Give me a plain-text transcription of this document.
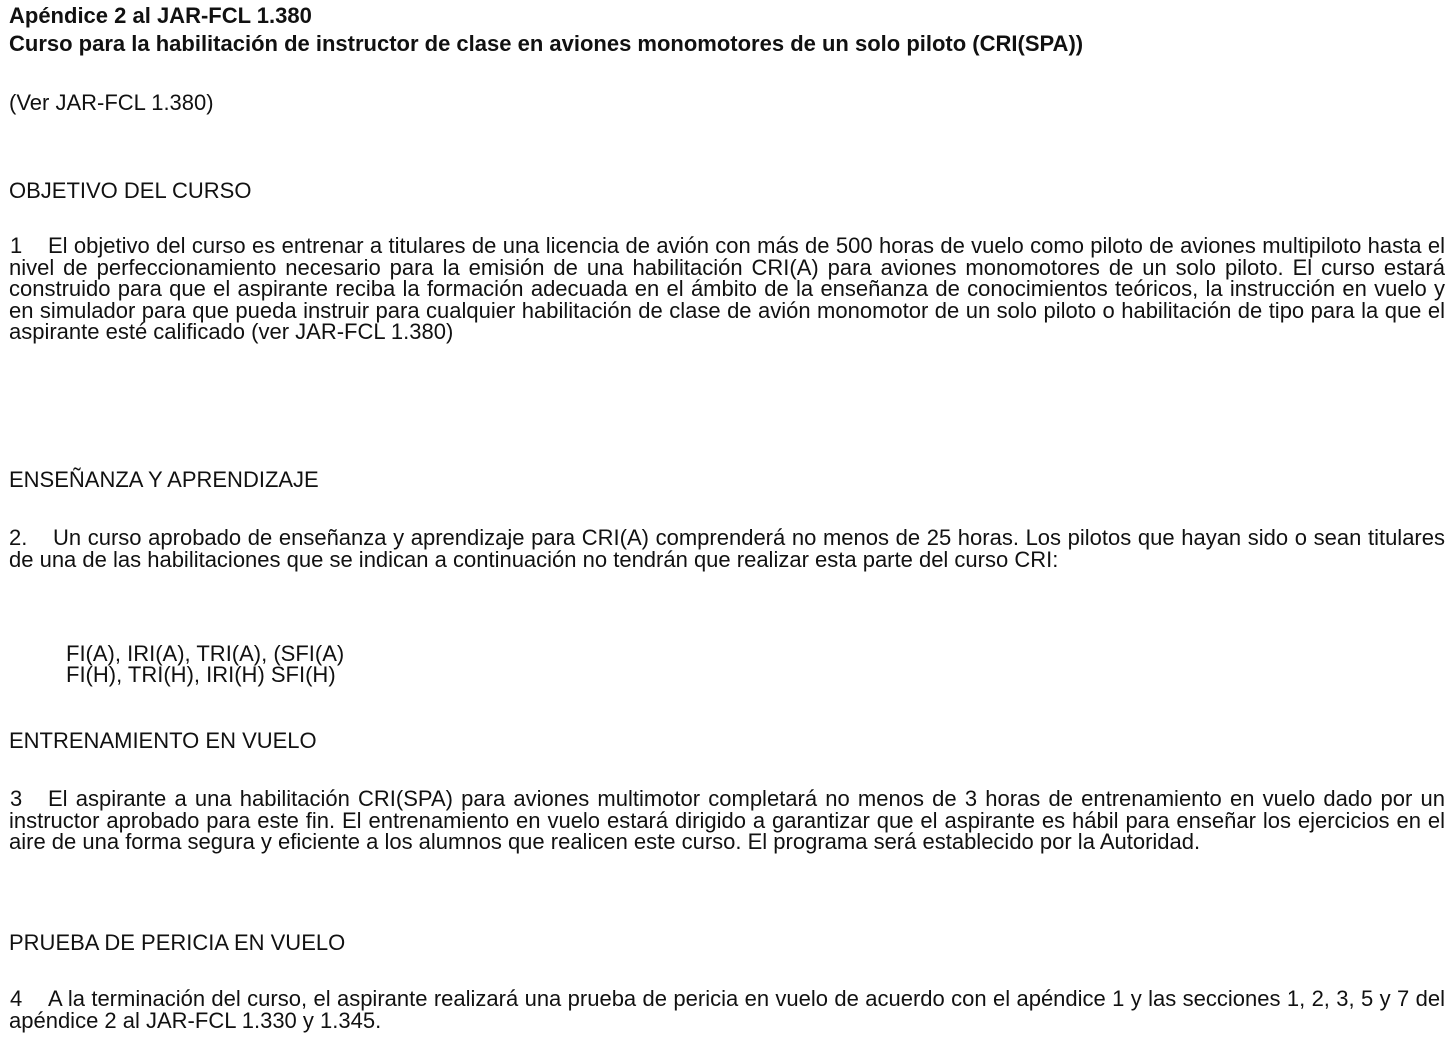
Apéndice 2 al JAR-FCL 1.380
Curso para la habilitación de instructor de clase en aviones monomotores de un solo piloto (CRI(SPA))
(Ver JAR-FCL 1.380)
OBJETIVO DEL CURSO
1 El objetivo del curso es entrenar a titulares de una licencia de avión con más de 500 horas de vuelo como piloto de aviones multipiloto hasta el nivel de perfeccionamiento necesario para la emisión de una habilitación CRI(A) para aviones monomotores de un solo piloto. El curso estará construido para que el aspirante reciba la formación adecuada en el ámbito de la enseñanza de conocimientos teóricos, la instrucción en vuelo y en simulador para que pueda instruir para cualquier habilitación de clase de avión monomotor de un solo piloto o habilitación de tipo para la que el aspirante esté calificado (ver JAR-FCL 1.380)
ENSEÑANZA Y APRENDIZAJE
2. Un curso aprobado de enseñanza y aprendizaje para CRI(A) comprenderá no menos de 25 horas. Los pilotos que hayan sido o sean titulares de una de las habilitaciones que se indican a continuación no tendrán que realizar esta parte del curso CRI:
FI(A), IRI(A), TRI(A), (SFI(A)
FI(H), TRI(H), IRI(H) SFI(H)
ENTRENAMIENTO EN VUELO
3 El aspirante a una habilitación CRI(SPA) para aviones multimotor completará no menos de 3 horas de entrenamiento en vuelo dado por un instructor aprobado para este fin. El entrenamiento en vuelo estará dirigido a garantizar que el aspirante es hábil para enseñar los ejercicios en el aire de una forma segura y eficiente a los alumnos que realicen este curso. El programa será establecido por la Autoridad.
PRUEBA DE PERICIA EN VUELO
4 A la terminación del curso, el aspirante realizará una prueba de pericia en vuelo de acuerdo con el apéndice 1 y las secciones 1, 2, 3, 5 y 7 del apéndice 2 al JAR-FCL 1.330 y 1.345.
